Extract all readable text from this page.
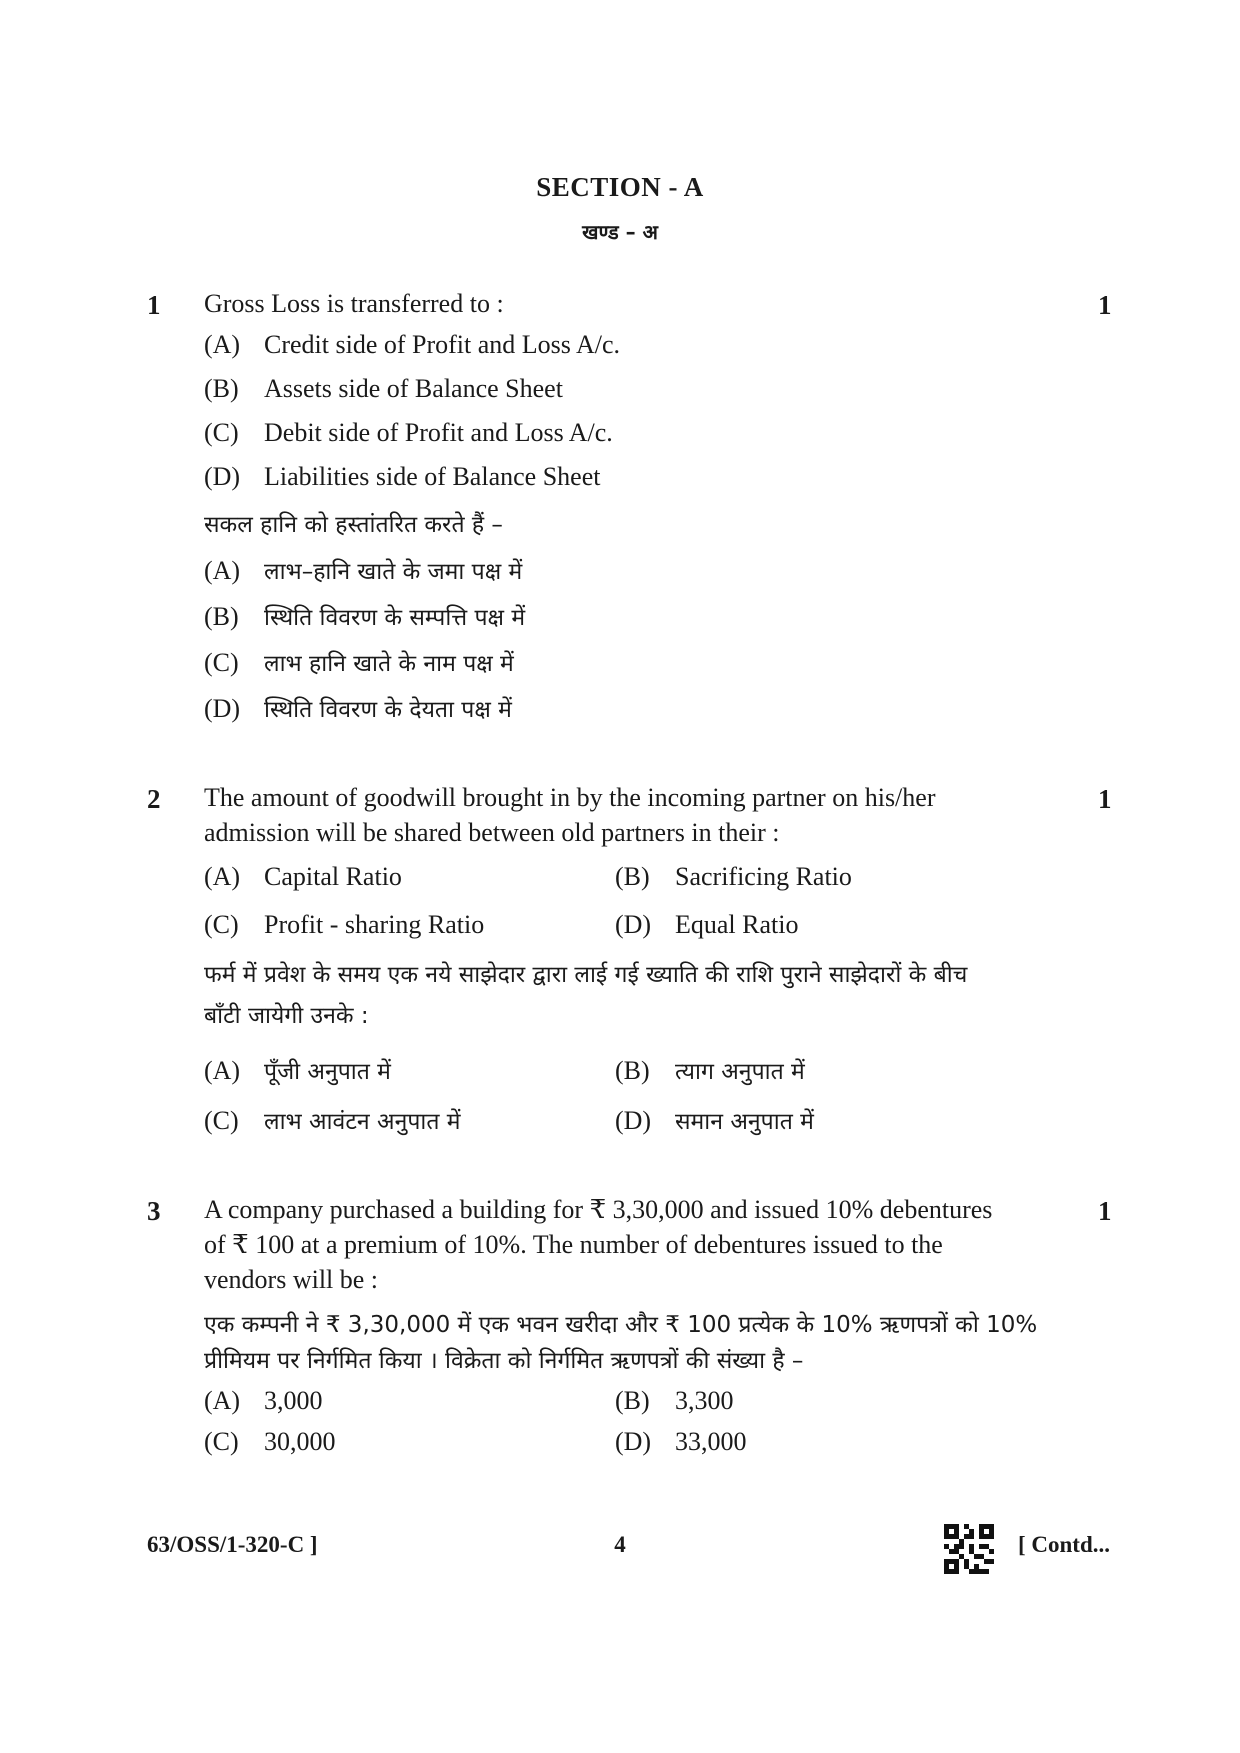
SECTION - A
खण्ड – अ
1	1
Gross Loss is transferred to :
(A) Credit side of Profit and Loss A/c.
(B) Assets side of Balance Sheet
(C) Debit side of Profit and Loss A/c.
(D) Liabilities side of Balance Sheet
सकल हानि को हस्तांतरित करते हैं –
(A) लाभ–हानि खाते के जमा पक्ष में
(B) स्थिति विवरण के सम्पत्ति पक्ष में
(C) लाभ हानि खाते के नाम पक्ष में
(D) स्थिति विवरण के देयता पक्ष में
2	1
The amount of goodwill brought in by the incoming partner on his/her
admission will be shared between old partners in their :
(A) Capital Ratio	(B) Sacrificing Ratio
(C) Profit - sharing Ratio	(D) Equal Ratio
फर्म में प्रवेश के समय एक नये साझेदार द्वारा लाई गई ख्याति की राशि पुराने साझेदारों के बीच
बाँटी जायेगी उनके :
(A) पूँजी अनुपात में	(B) त्याग अनुपात में
(C) लाभ आवंटन अनुपात में	(D) समान अनुपात में
3	1
A company purchased a building for ₹ 3,30,000 and issued 10% debentures
of ₹ 100 at a premium of 10%. The number of debentures issued to the
vendors will be :
एक कम्पनी ने ₹ 3,30,000 में एक भवन खरीदा और ₹ 100 प्रत्येक के 10% ऋणपत्रों को 10%
प्रीमियम पर निर्गमित किया । विक्रेता को निर्गमित ऋणपत्रों की संख्या है –
(A) 3,000	(B) 3,300
(C) 30,000	(D) 33,000
63/OSS/1-320-C ]	4	[ Contd...
